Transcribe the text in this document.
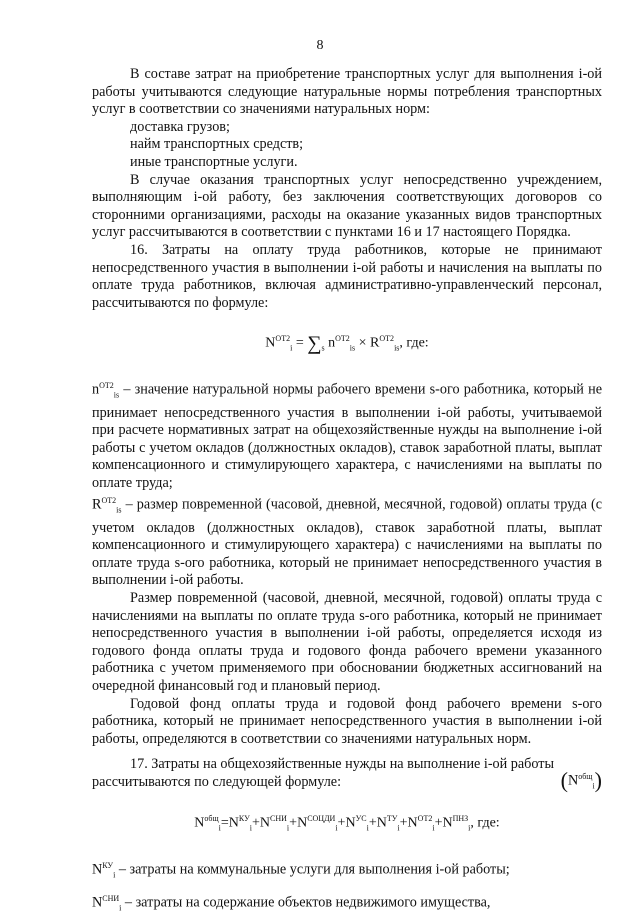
8

В составе затрат на приобретение транспортных услуг для выполнения i-ой работы учитываются следующие натуральные нормы потребления транспортных услуг в соответствии со значениями натуральных норм:

доставка грузов;

найм транспортных средств;

иные транспортные услуги.

В случае оказания транспортных услуг непосредственно учреждением, выполняющим i-ой работу, без заключения соответствующих договоров со сторонними организациями, расходы на оказание указанных видов транспортных услуг рассчитываются в соответствии с пунктами 16 и 17 настоящего Порядка.

16. Затраты на оплату труда работников, которые не принимают непосредственного участия в выполнении i-ой работы и начисления на выплаты по оплате труда работников, включая административно-управленческий персонал, рассчитываются по формуле:

$N^{ОТ2}_i = \sum_s$ $n^{ОТ2}_{is} \times R^{ОТ2}_{is}$, где:

$n^{ОТ2}_{is}$ – значение натуральной нормы рабочего времени s-ого работника, который не принимает непосредственного участия в выполнении i-ой работы, учитываемой при расчете нормативных затрат на общехозяйственные нужды на выполнение i-ой работы с учетом окладов (должностных окладов), ставок заработной платы, выплат компенсационного и стимулирующего характера, с начислениями на выплаты по оплате труда;

$R^{ОТ2}_{is}$ – размер повременной (часовой, дневной, месячной, годовой) оплаты труда (с учетом окладов (должностных окладов), ставок заработной платы, выплат компенсационного и стимулирующего характера) с начислениями на выплаты по оплате труда s-ого работника, который не принимает непосредственного участия в выполнении i-ой работы.

Размер повременной (часовой, дневной, месячной, годовой) оплаты труда с начислениями на выплаты по оплате труда s-ого работника, который не принимает непосредственного участия в выполнении i-ой работы, определяется исходя из годового фонда оплаты труда и годового фонда рабочего времени указанного работника с учетом применяемого при обосновании бюджетных ассигнований на очередной финансовый год и плановый период.

Годовой фонд оплаты труда и годовой фонд рабочего времени s-ого работника, который не принимает непосредственного участия в выполнении i-ой работы, определяются в соответствии со значениями натуральных норм.

17. Затраты на общехозяйственные нужды на выполнение i-ой работы
$(N^{общ}_i)$

рассчитываются по следующей формуле:

$N^{общ}_i=N^{КУ}_i+N^{СНИ}_i+N^{СОЦДИ}_i+N^{УС}_i+N^{ТУ}_i+N^{ОТ2}_i+N^{ПНЗ}_i$, где:

$N^{КУ}_i$ – затраты на коммунальные услуги для выполнения i-ой работы;

$N^{СНИ}_i$ – затраты на содержание объектов недвижимого имущества,
